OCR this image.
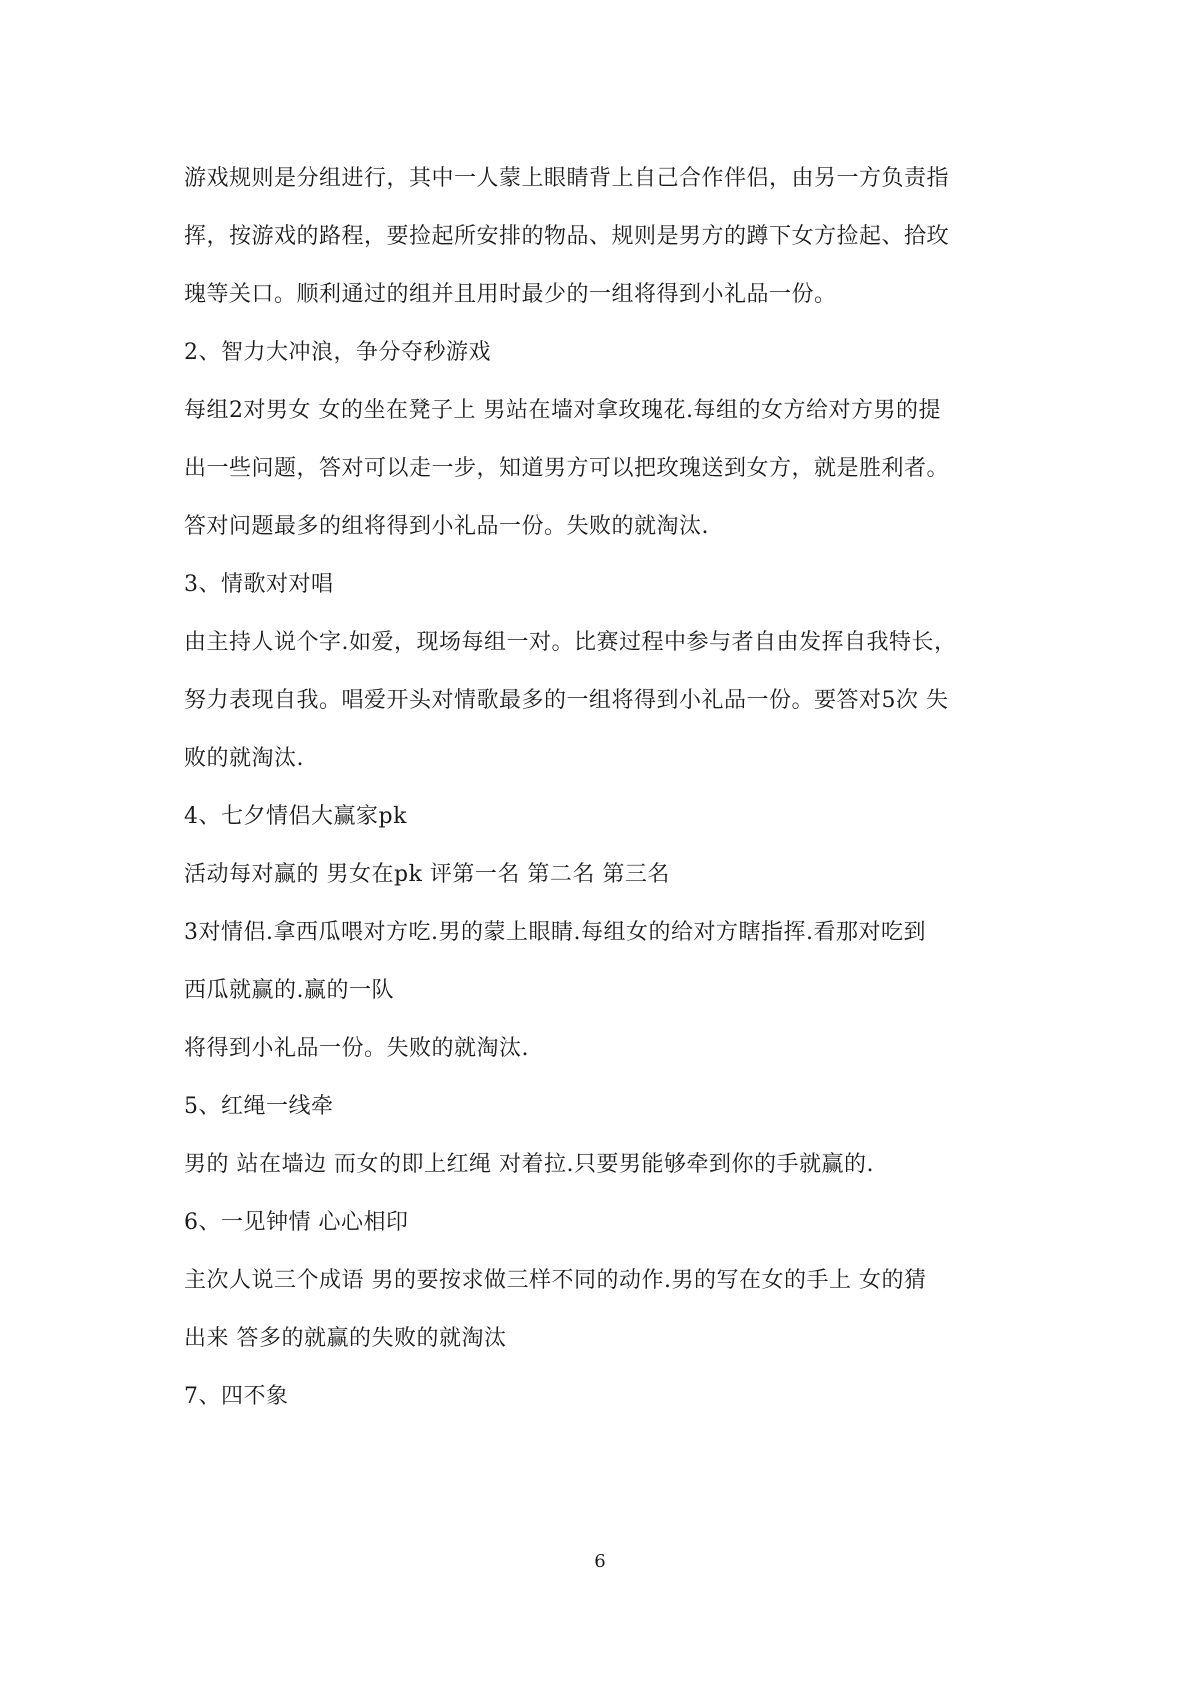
游戏规则是分组进行，其中一人蒙上眼睛背上自己合作伴侣，由另一方负责指
挥，按游戏的路程，要捡起所安排的物品、规则是男方的蹲下女方捡起、拾玫
瑰等关口。顺利通过的组并且用时最少的一组将得到小礼品一份。
2、智力大冲浪，争分夺秒游戏
每组2对男女 女的坐在凳子上 男站在墙对拿玫瑰花.每组的女方给对方男的提
出一些问题，答对可以走一步，知道男方可以把玫瑰送到女方，就是胜利者。
答对问题最多的组将得到小礼品一份。失败的就淘汰.
3、情歌对对唱
由主持人说个字.如爱，现场每组一对。比赛过程中参与者自由发挥自我特长，
努力表现自我。唱爱开头对情歌最多的一组将得到小礼品一份。要答对5次 失
败的就淘汰.
4、七夕情侣大赢家pk
活动每对赢的 男女在pk 评第一名 第二名 第三名
3对情侣.拿西瓜喂对方吃.男的蒙上眼睛.每组女的给对方瞎指挥.看那对吃到
西瓜就赢的.赢的一队
将得到小礼品一份。失败的就淘汰.
5、红绳一线牵
男的 站在墙边 而女的即上红绳 对着拉.只要男能够牵到你的手就赢的.
6、一见钟情 心心相印
主次人说三个成语 男的要按求做三样不同的动作.男的写在女的手上 女的猜
出来 答多的就赢的失败的就淘汰
7、四不象
6
